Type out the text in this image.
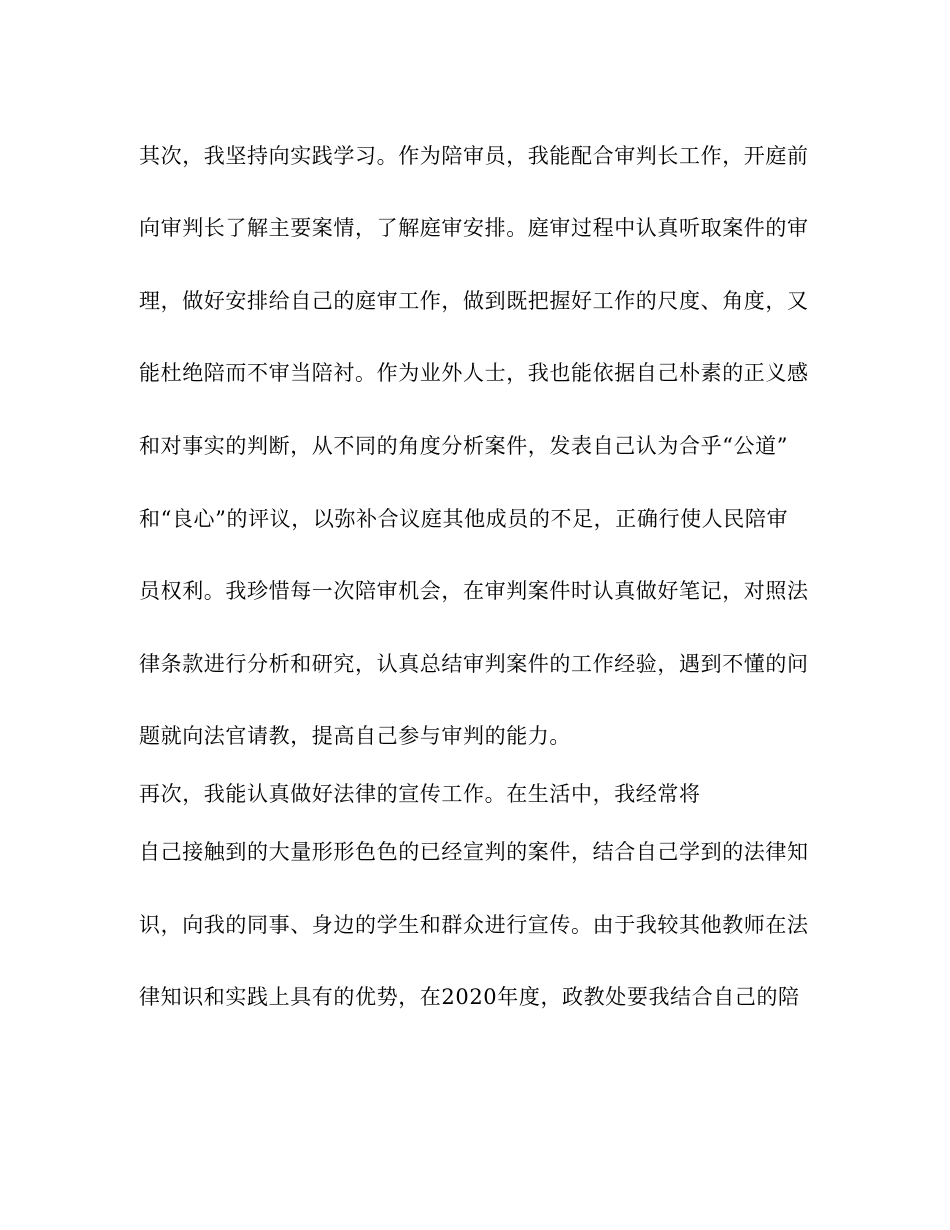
其次，我坚持向实践学习。作为陪审员，我能配合审判长工作，开庭前
向审判长了解主要案情，了解庭审安排。庭审过程中认真听取案件的审
理，做好安排给自己的庭审工作，做到既把握好工作的尺度、角度，又
能杜绝陪而不审当陪衬。作为业外人士，我也能依据自己朴素的正义感
和对事实的判断，从不同的角度分析案件，发表自己认为合乎“公道”
和“良心”的评议，以弥补合议庭其他成员的不足，正确行使人民陪审
员权利。我珍惜每一次陪审机会，在审判案件时认真做好笔记，对照法
律条款进行分析和研究，认真总结审判案件的工作经验，遇到不懂的问
题就向法官请教，提高自己参与审判的能力。
再次，我能认真做好法律的宣传工作。在生活中，我经常将
自己接触到的大量形形色色的已经宣判的案件，结合自己学到的法律知
识，向我的同事、身边的学生和群众进行宣传。由于我较其他教师在法
律知识和实践上具有的优势，在2020年度，政教处要我结合自己的陪
